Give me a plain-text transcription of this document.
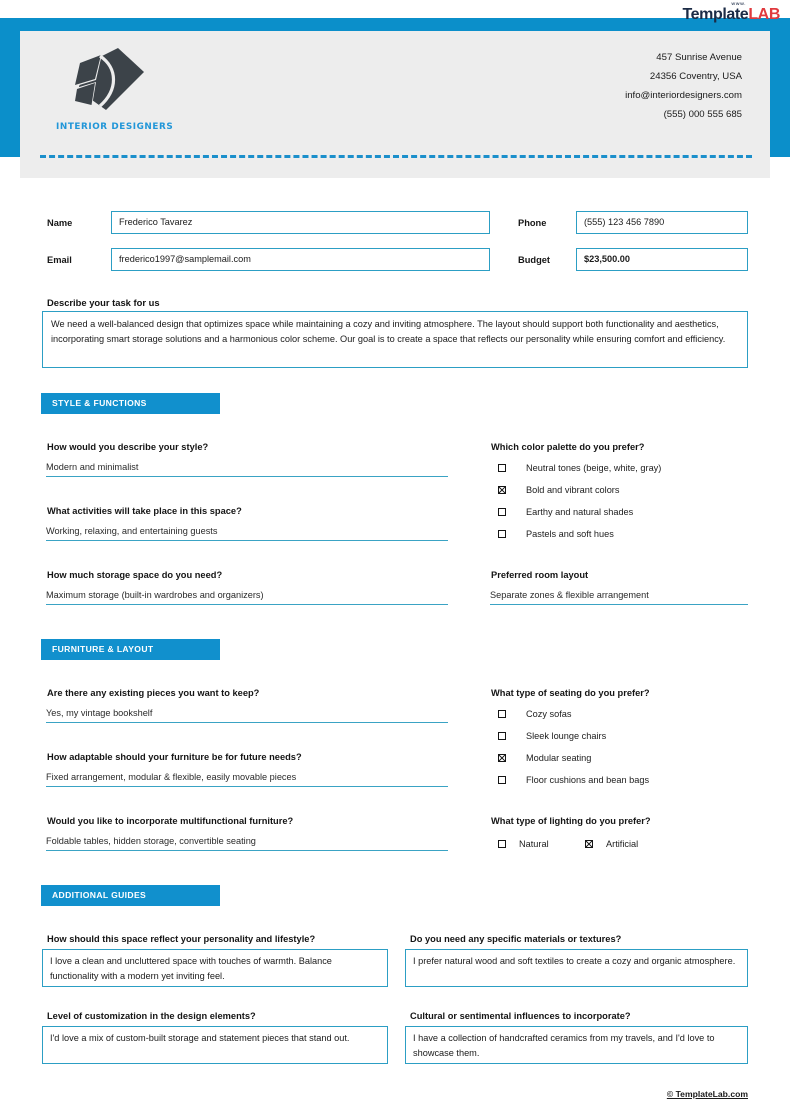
WWW.
TemplateLAB
INTERIOR DESIGNERS
457 Sunrise Avenue
24356 Coventry, USA
info@interiordesigners.com
(555) 000 555 685
Name	Frederico Tavarez	Phone	(555) 123 456 7890
Email	frederico1997@samplemail.com	Budget	$23,500.00
Describe your task for us
We need a well-balanced design that optimizes space while maintaining a cozy and inviting atmosphere. The layout should support both functionality and aesthetics, incorporating smart storage solutions and a harmonious color scheme. Our goal is to create a space that reflects our personality while ensuring comfort and efficiency.
STYLE & FUNCTIONS
How would you describe your style?
Modern and minimalist
What activities will take place in this space?
Working, relaxing, and entertaining guests
How much storage space do you need?
Maximum storage (built-in wardrobes and organizers)
Which color palette do you prefer?
Neutral tones (beige, white, gray)
Bold and vibrant colors
Earthy and natural shades
Pastels and soft hues
Preferred room layout
Separate zones & flexible arrangement
FURNITURE & LAYOUT
Are there any existing pieces you want to keep?
Yes, my vintage bookshelf
How adaptable should your furniture be for future needs?
Fixed arrangement, modular & flexible, easily movable pieces
Would you like to incorporate multifunctional furniture?
Foldable tables, hidden storage, convertible seating
What type of seating do you prefer?
Cozy sofas
Sleek lounge chairs
Modular seating
Floor cushions and bean bags
What type of lighting do you prefer?
Natural	Artificial
ADDITIONAL GUIDES
How should this space reflect your personality and lifestyle?
I love a clean and uncluttered space with touches of warmth. Balance functionality with a modern yet inviting feel.
Do you need any specific materials or textures?
I prefer natural wood and soft textiles to create a cozy and organic atmosphere.
Level of customization in the design elements?
I'd love a mix of custom-built storage and statement pieces that stand out.
Cultural or sentimental influences to incorporate?
I have a collection of handcrafted ceramics from my travels, and I'd love to showcase them.
© TemplateLab.com
